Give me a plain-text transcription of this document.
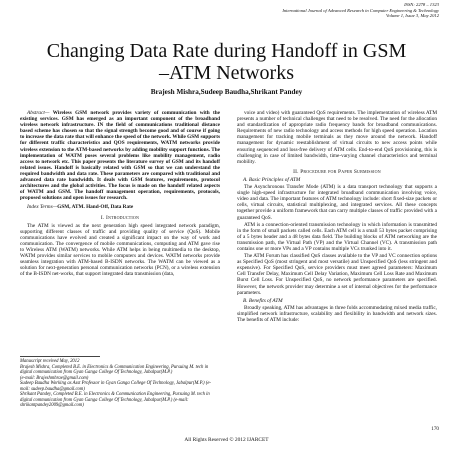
ISSN: 2278 – 1323
International Journal of Advanced Research in Computer Engineering & Technology
Volume 1, Issue 3, May 2012
Changing Data Rate during Handoff in GSM –ATM Networks
Brajesh Mishra,Sudeep Baudha,Shrikant Pandey

Abstract— Wireless GSM network provides variety of communication with the existing services. GSM has emerged as an important component of the broadband wireless network infrastructure. IN the field of communications traditional distance based scheme has chosen so that the signal strength become good and of course if going to increase the data rate that will enhance the speed of the network. While GSM supports for different traffic characteristics and QOS requirements, WATM networks provide wireless extension to the ATM-based networks by adding mobility support functions. The implementation of WATM poses several problems like mobility management, radio access to network etc. This paper presents the literature survey of GSM and its handoff related issues. Handoff is basically related with GSM so that we can understand the required bandwidth and data rate. These parameters are compared with traditional and advanced data rate bandwidth. It deals with GSM features, requirements, protocol architectures and the global activities. The focus is made on the handoff related aspects of WATM and GSM. The handoff management operation, requirements, protocols, proposed solutions and open issues for research.

Index Terms—GSM, ATM. Hand-Off, Data Rate

I. Introduction

The ATM is viewed as the next generation high speed integrated network paradigm, supporting different classes of traffic and providing quality of service (QoS). Mobile communications have evolved and created a significant impact on the way of work and communication. The convergence of mobile communications, computing and ATM gave rise to Wireless ATM (WATM) networks. While ATM helps in being multimedia to the desktop, WATM provides similar services to mobile computers and devices. WATM networks provide seamless integration with ATM-based B-ISDN networks. The WATM can be viewed as a solution for next-generation personal communication networks (PCN), or a wireless extension of the B-ISDN net-works, that support integrated data transmission (data,

Manuscript received May, 2012

Brajesh Mishra, Completed B.E. in Electronics & Communication Engineering, Pursuing M. tech in digital communication from Gyan Ganga College Of Technology, Jabalpur(M.P.)

(e-mail: Brajeshmhrae@gmail.com)

Sudeep Baudha Working as Asst Professor in Gyan Ganga College Of Technology, Jabalpur(M.P.) (e-mail: sudeep.baudha@gmail.com)

Shrikant Pandey, Completed B.E. in Electronics & Communication Engineering, Pursuing M. tech in digital communication from Gyan Ganga College Of Technology, Jabalpur(M.P.) (e-mail: shrikantpandey2009@gmail.com)

voice and video) with guaranteed QoS requirements. The implementation of wireless ATM presents a number of technical challenges that need to be resolved. The need for the allocation and standardization of appropriate radio frequency bands for broadband communications. Requirements of new radio technology and access methods for high speed operation. Location management for tracking mobile terminals as they move around the network. Handoff management for dynamic reestablishment of virtual circuits to new access points while ensuring sequenced and loss-free delivery of ATM cells. End-to-end QoS provisioning, this is challenging in case of limited bandwidth, time-varying channel characteristics and terminal mobility.

II. Procedure for Paper Submission
A. Basic Principles of ATM

The Asynchronous Transfer Mode (ATM) is a data transport technology that supports a single high-speed infrastructure for integrated broadband communication involving voice, video and data. The important features of ATM technology include: short fixed-size packets or cells, virtual circuits, statistical multiplexing, and integrated services. All these concepts together provide a uniform framework that can carry multiple classes of traffic provided with a guaranteed QoS.

ATM is a connection-oriented transmission technology in which information is transmitted in the form of small packets called cells. Each ATM cell is a small 53 bytes packet comprising of a 5 bytes header and a 48 bytes data field. The building blocks of ATM networking are the transmission path, the Virtual Path (VP) and the Virtual Channel (VC). A transmission path contains one or more VPs and a VP contains multiple VCs trunked into it.

The ATM Forum has classified QoS classes available to the VP and VC connection options as Specified QoS (most stringent and most versatile) and Unspecified QoS (less stringent and expensive). For Specified QoS, service providers must meet agreed parameters: Maximum Cell Transfer Delay, Maximum Cell Delay Variation, Maximum Cell Loss Rate and Maximum Burst Cell Loss. For Unspecified QoS, no network performance parameters are specified. However, the network provider may determine a set of internal objectives for the performance parameters.

B. Benefits of ATM

Broadly speaking, ATM has advantages in three folds accommodating mixed media traffic, simplified network infrastructure, scalability and flexibility in bandwidth and network sizes. The benefits of ATM include:

170
All Rights Reserved © 2012 IJARCET
